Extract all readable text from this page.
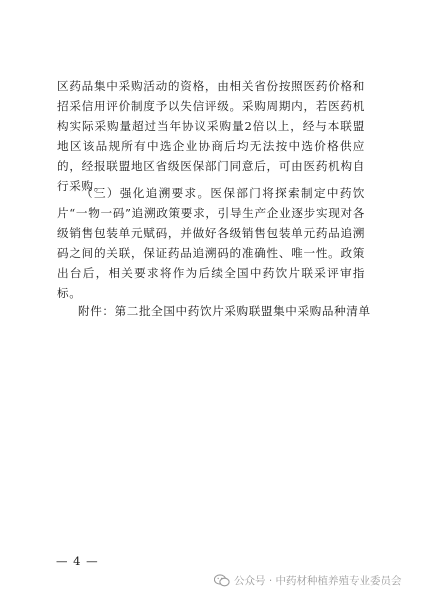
区药品集中采购活动的资格，由相关省份按照医药价格和招采信用评价制度予以失信评级。采购周期内，若医药机构实际采购量超过当年协议采购量2倍以上，经与本联盟地区该品规所有中选企业协商后均无法按中选价格供应的，经报联盟地区省级医保部门同意后，可由医药机构自行采购。

（三）强化追溯要求。医保部门将探索制定中药饮片“一物一码”追溯政策要求，引导生产企业逐步实现对各级销售包装单元赋码，并做好各级销售包装单元药品追溯码之间的关联，保证药品追溯码的准确性、唯一性。政策出台后，相关要求将作为后续全国中药饮片联采评审指标。

附件：第二批全国中药饮片采购联盟集中采购品种清单

— 4 —
公众号 · 中药材种植养殖专业委员会
